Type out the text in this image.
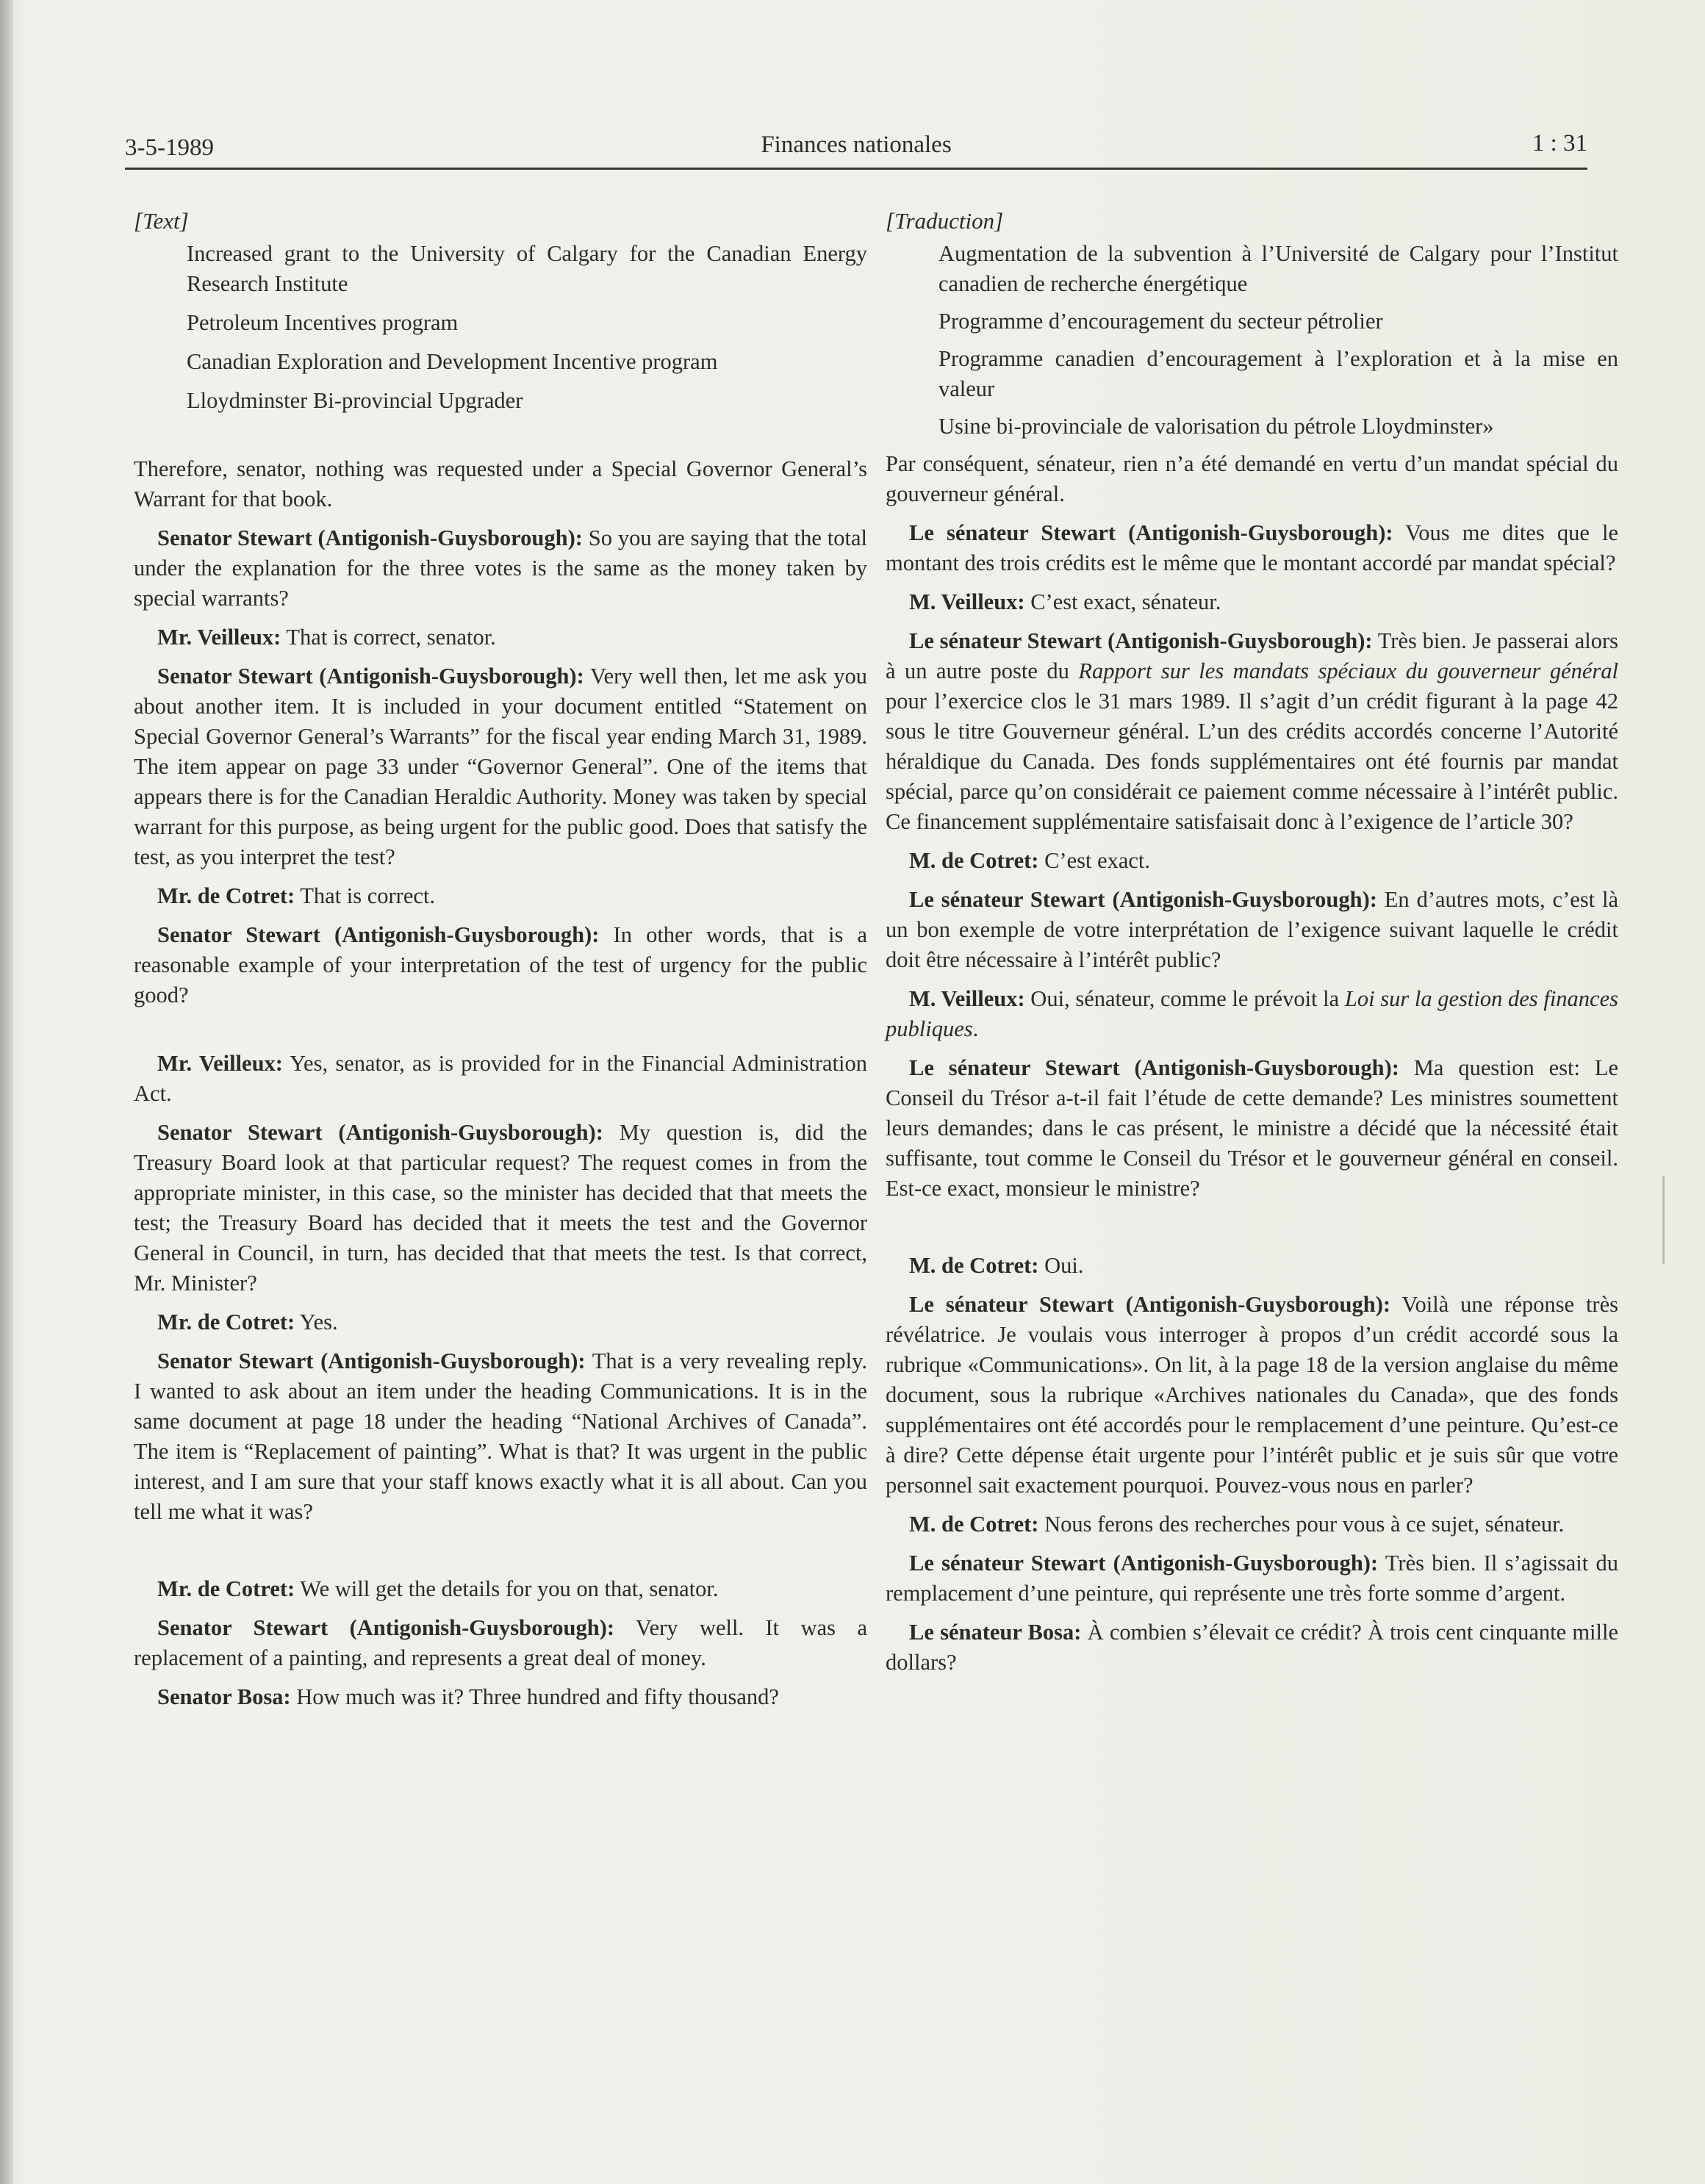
3-5-1989	Finances nationales	1 : 31
[Text]
Increased grant to the University of Calgary for the Canadian Energy Research Institute
Petroleum Incentives program
Canadian Exploration and Development Incentive program
Lloydminster Bi-provincial Upgrader

Therefore, senator, nothing was requested under a Special Governor General’s Warrant for that book.

Senator Stewart (Antigonish-Guysborough): So you are saying that the total under the explanation for the three votes is the same as the money taken by special warrants?

Mr. Veilleux: That is correct, senator.

Senator Stewart (Antigonish-Guysborough): Very well then, let me ask you about another item. It is included in your document entitled “Statement on Special Governor General’s Warrants” for the fiscal year ending March 31, 1989. The item appear on page 33 under “Governor General”. One of the items that appears there is for the Canadian Heraldic Authority. Money was taken by special warrant for this purpose, as being urgent for the public good. Does that satisfy the test, as you interpret the test?

Mr. de Cotret: That is correct.

Senator Stewart (Antigonish-Guysborough): In other words, that is a reasonable example of your interpretation of the test of urgency for the public good?

Mr. Veilleux: Yes, senator, as is provided for in the Financial Administration Act.

Senator Stewart (Antigonish-Guysborough): My question is, did the Treasury Board look at that particular request? The request comes in from the appropriate minister, in this case, so the minister has decided that that meets the test; the Treasury Board has decided that it meets the test and the Governor General in Council, in turn, has decided that that meets the test. Is that correct, Mr. Minister?

Mr. de Cotret: Yes.

Senator Stewart (Antigonish-Guysborough): That is a very revealing reply. I wanted to ask about an item under the heading Communications. It is in the same document at page 18 under the heading “National Archives of Canada”. The item is “Replacement of painting”. What is that? It was urgent in the public interest, and I am sure that your staff knows exactly what it is all about. Can you tell me what it was?

Mr. de Cotret: We will get the details for you on that, senator.

Senator Stewart (Antigonish-Guysborough): Very well. It was a replacement of a painting, and represents a great deal of money.

Senator Bosa: How much was it? Three hundred and fifty thousand?

[Traduction]
Augmentation de la subvention à l’Université de Calgary pour l’Institut canadien de recherche énergétique
Programme d’encouragement du secteur pétrolier
Programme canadien d’encouragement à l’exploration et à la mise en valeur
Usine bi-provinciale de valorisation du pétrole Lloydminster»

Par conséquent, sénateur, rien n’a été demandé en vertu d’un mandat spécial du gouverneur général.

Le sénateur Stewart (Antigonish-Guysborough): Vous me dites que le montant des trois crédits est le même que le montant accordé par mandat spécial?

M. Veilleux: C’est exact, sénateur.

Le sénateur Stewart (Antigonish-Guysborough): Très bien. Je passerai alors à un autre poste du Rapport sur les mandats spéciaux du gouverneur général pour l’exercice clos le 31 mars 1989. Il s’agit d’un crédit figurant à la page 42 sous le titre Gouverneur général. L’un des crédits accordés concerne l’Autorité héraldique du Canada. Des fonds supplémentaires ont été fournis par mandat spécial, parce qu’on considérait ce paiement comme nécessaire à l’intérêt public. Ce financement supplémentaire satisfaisait donc à l’exigence de l’article 30?

M. de Cotret: C’est exact.

Le sénateur Stewart (Antigonish-Guysborough): En d’autres mots, c’est là un bon exemple de votre interprétation de l’exigence suivant laquelle le crédit doit être nécessaire à l’intérêt public?

M. Veilleux: Oui, sénateur, comme le prévoit la Loi sur la gestion des finances publiques.

Le sénateur Stewart (Antigonish-Guysborough): Ma question est: Le Conseil du Trésor a-t-il fait l’étude de cette demande? Les ministres soumettent leurs demandes; dans le cas présent, le ministre a décidé que la nécessité était suffisante, tout comme le Conseil du Trésor et le gouverneur général en conseil. Est-ce exact, monsieur le ministre?

M. de Cotret: Oui.

Le sénateur Stewart (Antigonish-Guysborough): Voilà une réponse très révélatrice. Je voulais vous interroger à propos d’un crédit accordé sous la rubrique «Communications». On lit, à la page 18 de la version anglaise du même document, sous la rubrique «Archives nationales du Canada», que des fonds supplémentaires ont été accordés pour le remplacement d’une peinture. Qu’est-ce à dire? Cette dépense était urgente pour l’intérêt public et je suis sûr que votre personnel sait exactement pourquoi. Pouvez-vous nous en parler?

M. de Cotret: Nous ferons des recherches pour vous à ce sujet, sénateur.

Le sénateur Stewart (Antigonish-Guysborough): Très bien. Il s’agissait du remplacement d’une peinture, qui représente une très forte somme d’argent.

Le sénateur Bosa: À combien s’élevait ce crédit? À trois cent cinquante mille dollars?
